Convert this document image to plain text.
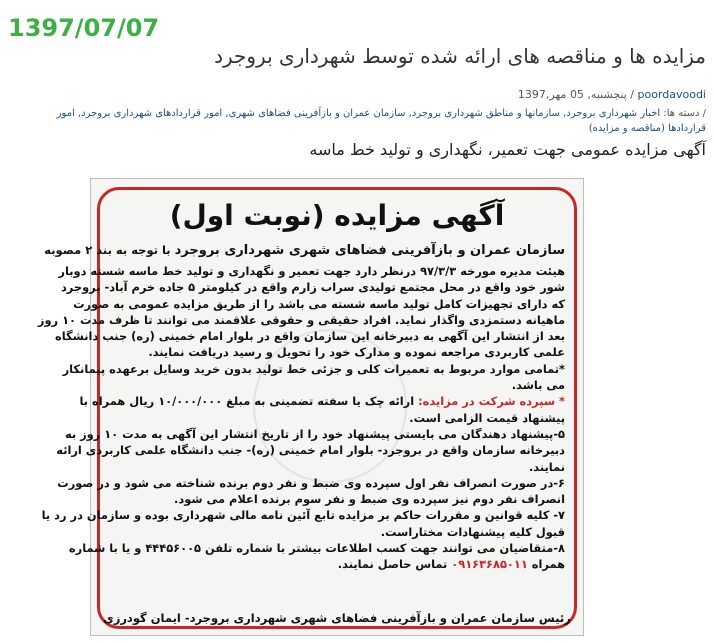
1397/07/07
مزایده ها و مناقصه های ارائه شده توسط شهرداری بروجرد
poordavoodi / پنجشنبه, 05 مهر,1397
/ دسته ها: اخبار شهرداری بروجرد, سازمانها و مناطق شهرداری بروجرد, سازمان عمران و بازآفرینی فضاهای شهری, امور قراردادهای شهرداری بروجرد, امور
قراردادها (مناقصه و مزایده)
آگهی مزایده عمومی جهت تعمیر، نگهداری و تولید خط ماسه
آگهی مزایده (نوبت اول)
سازمان عمران و بازآفرینی فضاهای شهری شهرداری بروجرد با توجه به بند ۲ مصوبه
هیئت مدیره مورخه ۹۷/۳/۳ درنظر دارد جهت تعمیر و نگهداری و تولید خط ماسه شسته دوبار
شور خود واقع در محل مجتمع تولیدی سراب زارم واقع در کیلومتر ۵ جاده خرم آباد- بروجرد
که دارای تجهیزات کامل تولید ماسه شسته می باشد را از طریق مزایده عمومی به صورت
ماهیانه دستمزدی واگذار نماید. افراد حقیقی و حقوقی علاقمند می توانند تا ظرف مدت ۱۰ روز
بعد از انتشار این آگهی به دبیرخانه این سازمان واقع در بلوار امام خمینی (ره) جنب دانشگاه
علمی کاربردی مراجعه نموده و مدارک خود را تحویل و رسید دریافت نمایند.
*تمامی موارد مربوط به تعمیرات کلی و جزئی خط تولید بدون خرید وسایل برعهده پیمانکار
می باشد.
* سپرده شرکت در مزایده: ارائه چک یا سفته تضمینی به مبلغ ۱۰/۰۰۰/۰۰۰ ریال همراه با
پیشنهاد قیمت الزامی است.
۵-پیشنهاد دهندگان می بایستی پیشنهاد خود را از تاریخ انتشار این آگهی به مدت ۱۰ روز به
دبیرخانه سازمان واقع در بروجرد- بلوار امام خمینی (ره)- جنب دانشگاه علمی کاربردی ارائه
نمایند.
۶-در صورت انصراف نفر اول سپرده وی ضبط و نفر دوم برنده شناخته می شود و در صورت
انصراف نفر دوم نیز سپرده وی ضبط و نفر سوم برنده اعلام می شود.
۷- کلیه قوانین و مقررات حاکم بر مزایده تابع آئین نامه مالی شهرداری بوده و سازمان در رد یا
قبول کلیه پیشنهادات مختاراست.
۸-متقاضیان می توانند جهت کسب اطلاعات بیشتر با شماره تلفن ۴۴۴۵۶۰۰۵ و یا با شماره
همراه ۰۹۱۶۳۶۸۵۰۱۱ تماس حاصل نمایند.
رئیس سازمان عمران و بازآفرینی فضاهای شهری شهرداری بروجرد- ایمان گودرزی
